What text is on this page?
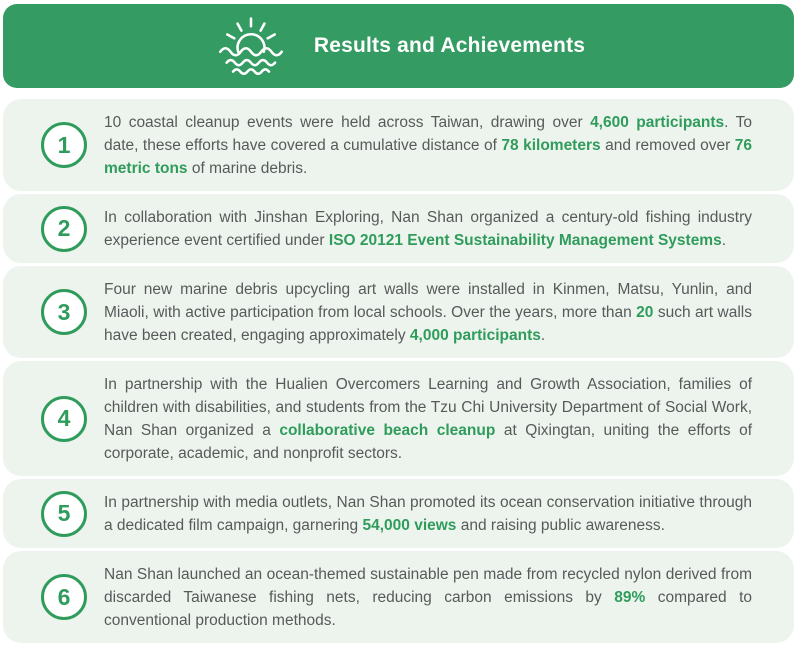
Results and Achievements
1

10 coastal cleanup events were held across Taiwan, drawing over 4,600 participants. To date, these efforts have covered a cumulative distance of 78 kilometers and removed over 76 metric tons of marine debris.

2 In collaboration with Jinshan Exploring, Nan Shan organized a century-old fishing industry experience event certified under ISO 20121 Event Sustainability Management Systems.

3

Four new marine debris upcycling art walls were installed in Kinmen, Matsu, Yunlin, and Miaoli, with active participation from local schools. Over the years, more than 20 such art walls have been created, engaging approximately 4,000 participants.

4

In partnership with the Hualien Overcomers Learning and Growth Association, families of children with disabilities, and students from the Tzu Chi University Department of Social Work, Nan Shan organized a collaborative beach cleanup at Qixingtan, uniting the efforts of corporate, academic, and nonprofit sectors.

5 In partnership with media outlets, Nan Shan promoted its ocean conservation initiative through a dedicated film campaign, garnering 54,000 views and raising public awareness.

6

Nan Shan launched an ocean-themed sustainable pen made from recycled nylon derived from discarded Taiwanese fishing nets, reducing carbon emissions by 89% compared to conventional production methods.
